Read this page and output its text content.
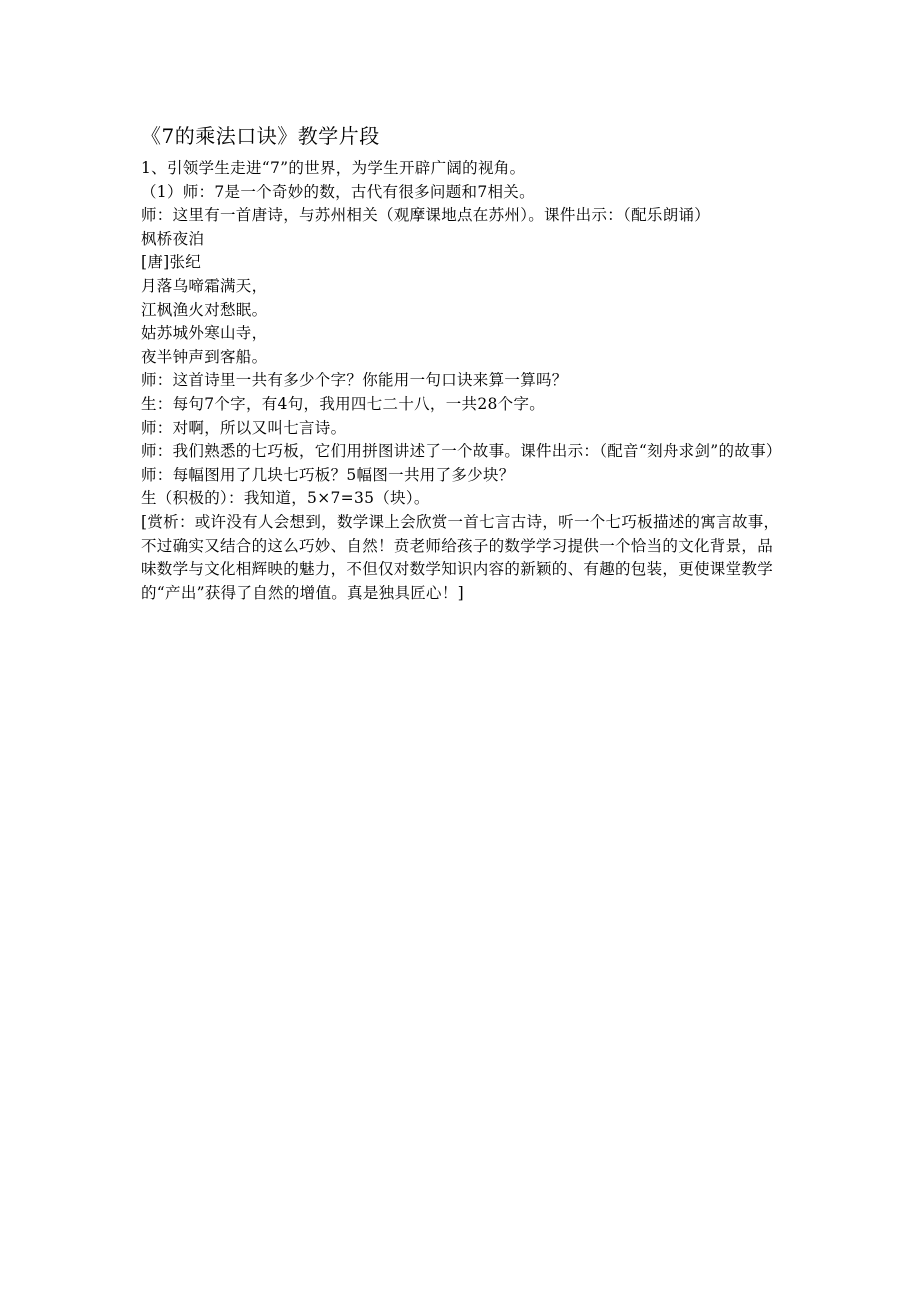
《7的乘法口诀》教学片段

1、引领学生走进“7”的世界，为学生开辟广阔的视角。

（1）师：7是一个奇妙的数，古代有很多问题和7相关。

师：这里有一首唐诗，与苏州相关（观摩课地点在苏州）。课件出示：（配乐朗诵）

枫桥夜泊

[唐]张纪

月落乌啼霜满天，

江枫渔火对愁眠。

姑苏城外寒山寺，

夜半钟声到客船。

师：这首诗里一共有多少个字？你能用一句口诀来算一算吗？

生：每句7个字，有4句，我用四七二十八，一共28个字。

师：对啊，所以又叫七言诗。

师：我们熟悉的七巧板，它们用拼图讲述了一个故事。课件出示：（配音“刻舟求剑”的故事）

师：每幅图用了几块七巧板？5幅图一共用了多少块？

生（积极的）：我知道，5×7=35（块）。

[赏析：或许没有人会想到，数学课上会欣赏一首七言古诗，听一个七巧板描述的寓言故事，不过确实又结合的这么巧妙、自然！贲老师给孩子的数学学习提供一个恰当的文化背景，品味数学与文化相辉映的魅力，不但仅对数学知识内容的新颖的、有趣的包装，更使课堂教学的“产出”获得了自然的增值。真是独具匠心！]
